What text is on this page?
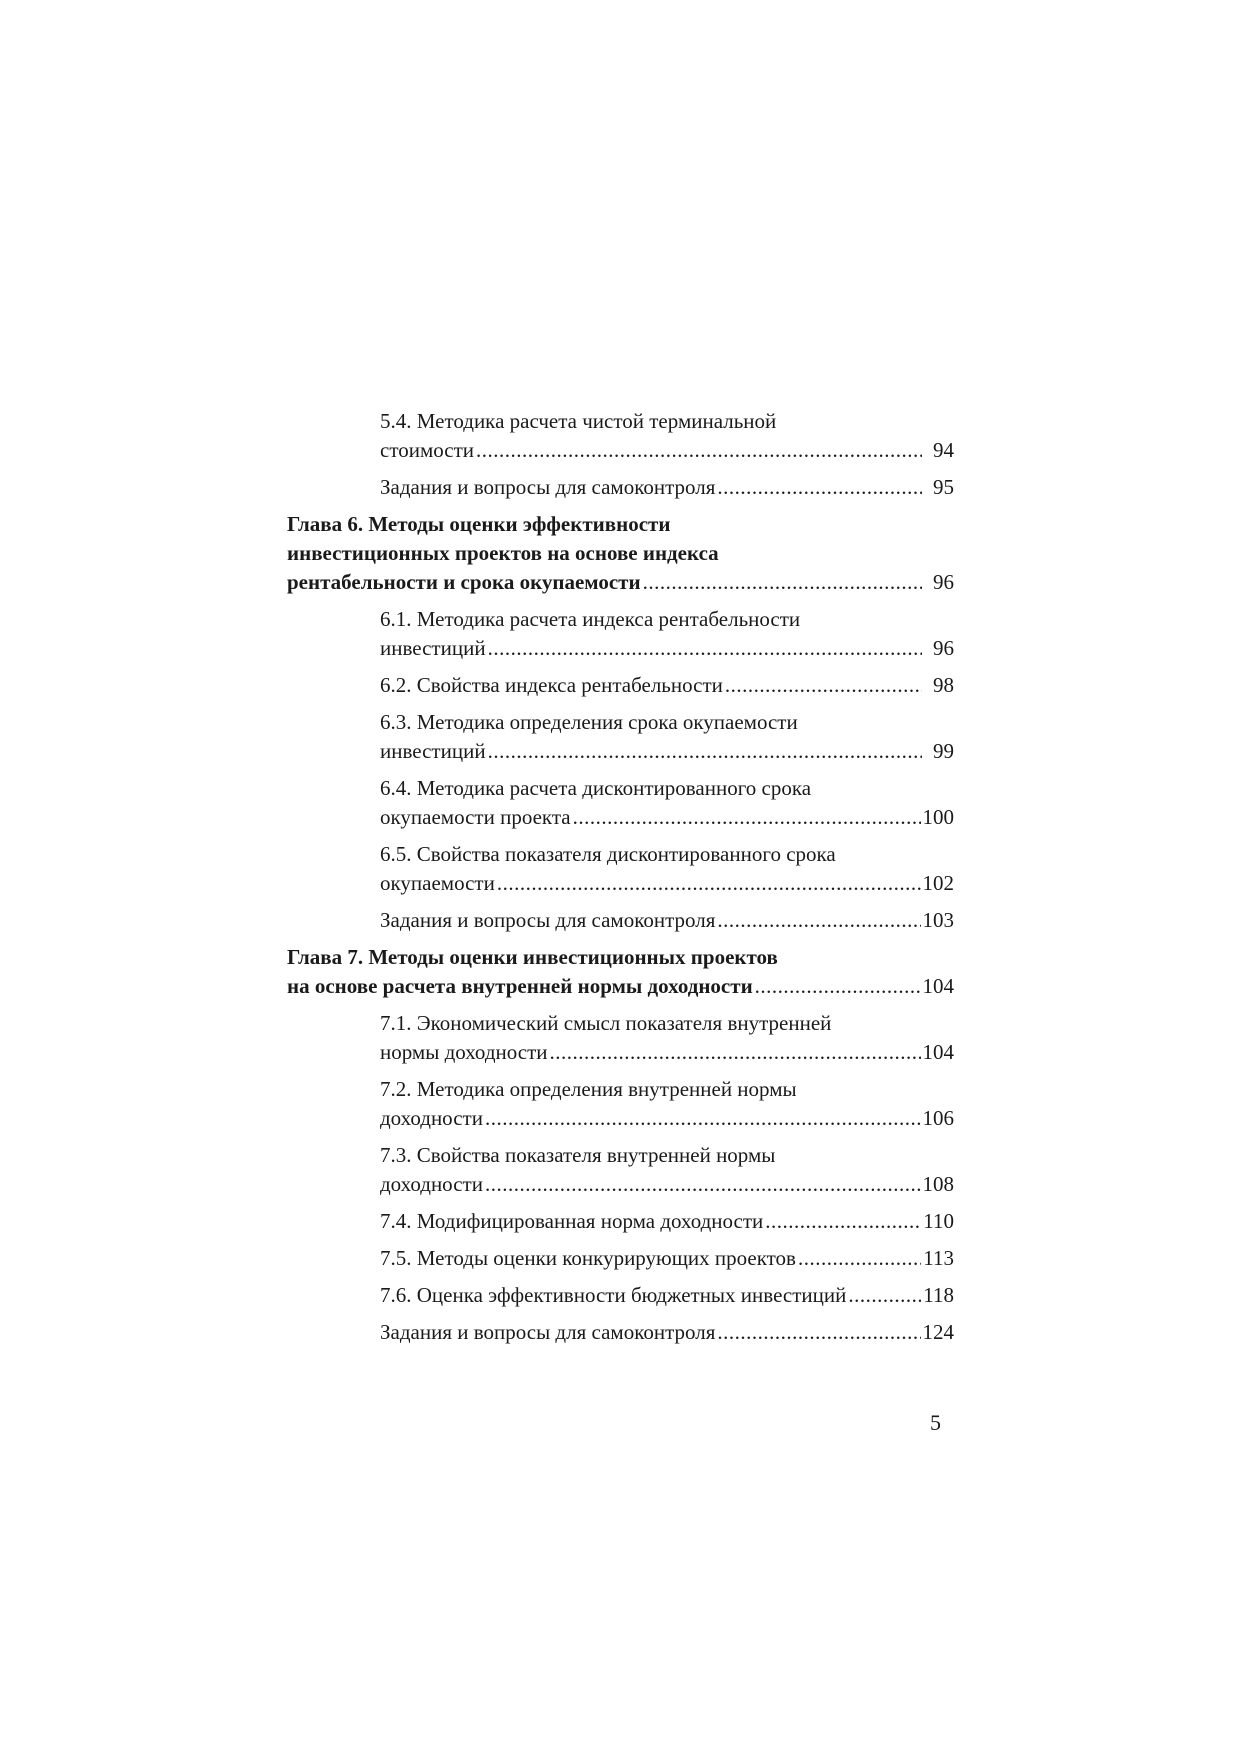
5.4. Методика расчета чистой терминальной
стоимости .....	94
Задания и вопросы для самоконтроля .....	95
Глава 6. Методы оценки эффективности
инвестиционных проектов на основе индекса
рентабельности и срока окупаемости .....	96
6.1. Методика расчета индекса рентабельности
инвестиций .....	96
6.2. Свойства индекса рентабельности .....	98
6.3. Методика определения срока окупаемости
инвестиций .....	99
6.4. Методика расчета дисконтированного срока
окупаемости проекта .....	100
6.5. Свойства показателя дисконтированного срока
окупаемости .....	102
Задания и вопросы для самоконтроля .....	103
Глава 7. Методы оценки инвестиционных проектов
на основе расчета внутренней нормы доходности .....	104
7.1. Экономический смысл показателя внутренней
нормы доходности .....	104
7.2. Методика определения внутренней нормы
доходности .....	106
7.3. Свойства показателя внутренней нормы
доходности .....	108
7.4. Модифицированная норма доходности .....	110
7.5. Методы оценки конкурирующих проектов .....	113
7.6. Оценка эффективности бюджетных инвестиций .....	118
Задания и вопросы для самоконтроля .....	124
5
